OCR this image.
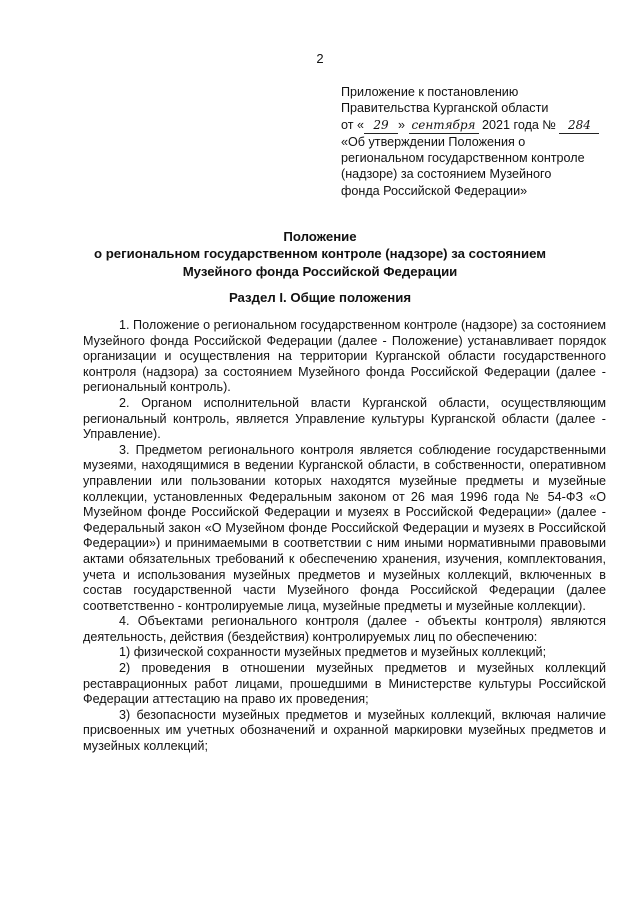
2
Приложение к постановлению
Правительства Курганской области
от « 29 » сентября 2021 года № 284
«Об утверждении Положения о
региональном государственном контроле
(надзоре) за состоянием Музейного
фонда Российской Федерации»
Положение
о региональном государственном контроле (надзоре) за состоянием
Музейного фонда Российской Федерации
Раздел I. Общие положения

1. Положение о региональном государственном контроле (надзоре) за состоянием Музейного фонда Российской Федерации (далее - Положение) устанавливает порядок организации и осуществления на территории Курганской области государственного контроля (надзора) за состоянием Музейного фонда Российской Федерации (далее - региональный контроль).

2. Органом исполнительной власти Курганской области, осуществляющим региональный контроль, является Управление культуры Курганской области (далее - Управление).

3. Предметом регионального контроля является соблюдение государственными музеями, находящимися в ведении Курганской области, в собственности, оперативном управлении или пользовании которых находятся музейные предметы и музейные коллекции, установленных Федеральным законом от 26 мая 1996 года № 54-ФЗ «О Музейном фонде Российской Федерации и музеях в Российской Федерации» (далее - Федеральный закон «О Музейном фонде Российской Федерации и музеях в Российской Федерации») и принимаемыми в соответствии с ним иными нормативными правовыми актами обязательных требований к обеспечению хранения, изучения, комплектования, учета и использования музейных предметов и музейных коллекций, включенных в состав государственной части Музейного фонда Российской Федерации (далее соответственно - контролируемые лица, музейные предметы и музейные коллекции).

4. Объектами регионального контроля (далее - объекты контроля) являются деятельность, действия (бездействия) контролируемых лиц по обеспечению:

1) физической сохранности музейных предметов и музейных коллекций;

2) проведения в отношении музейных предметов и музейных коллекций реставрационных работ лицами, прошедшими в Министерстве культуры Российской Федерации аттестацию на право их проведения;

3) безопасности музейных предметов и музейных коллекций, включая наличие присвоенных им учетных обозначений и охранной маркировки музейных предметов и музейных коллекций;
